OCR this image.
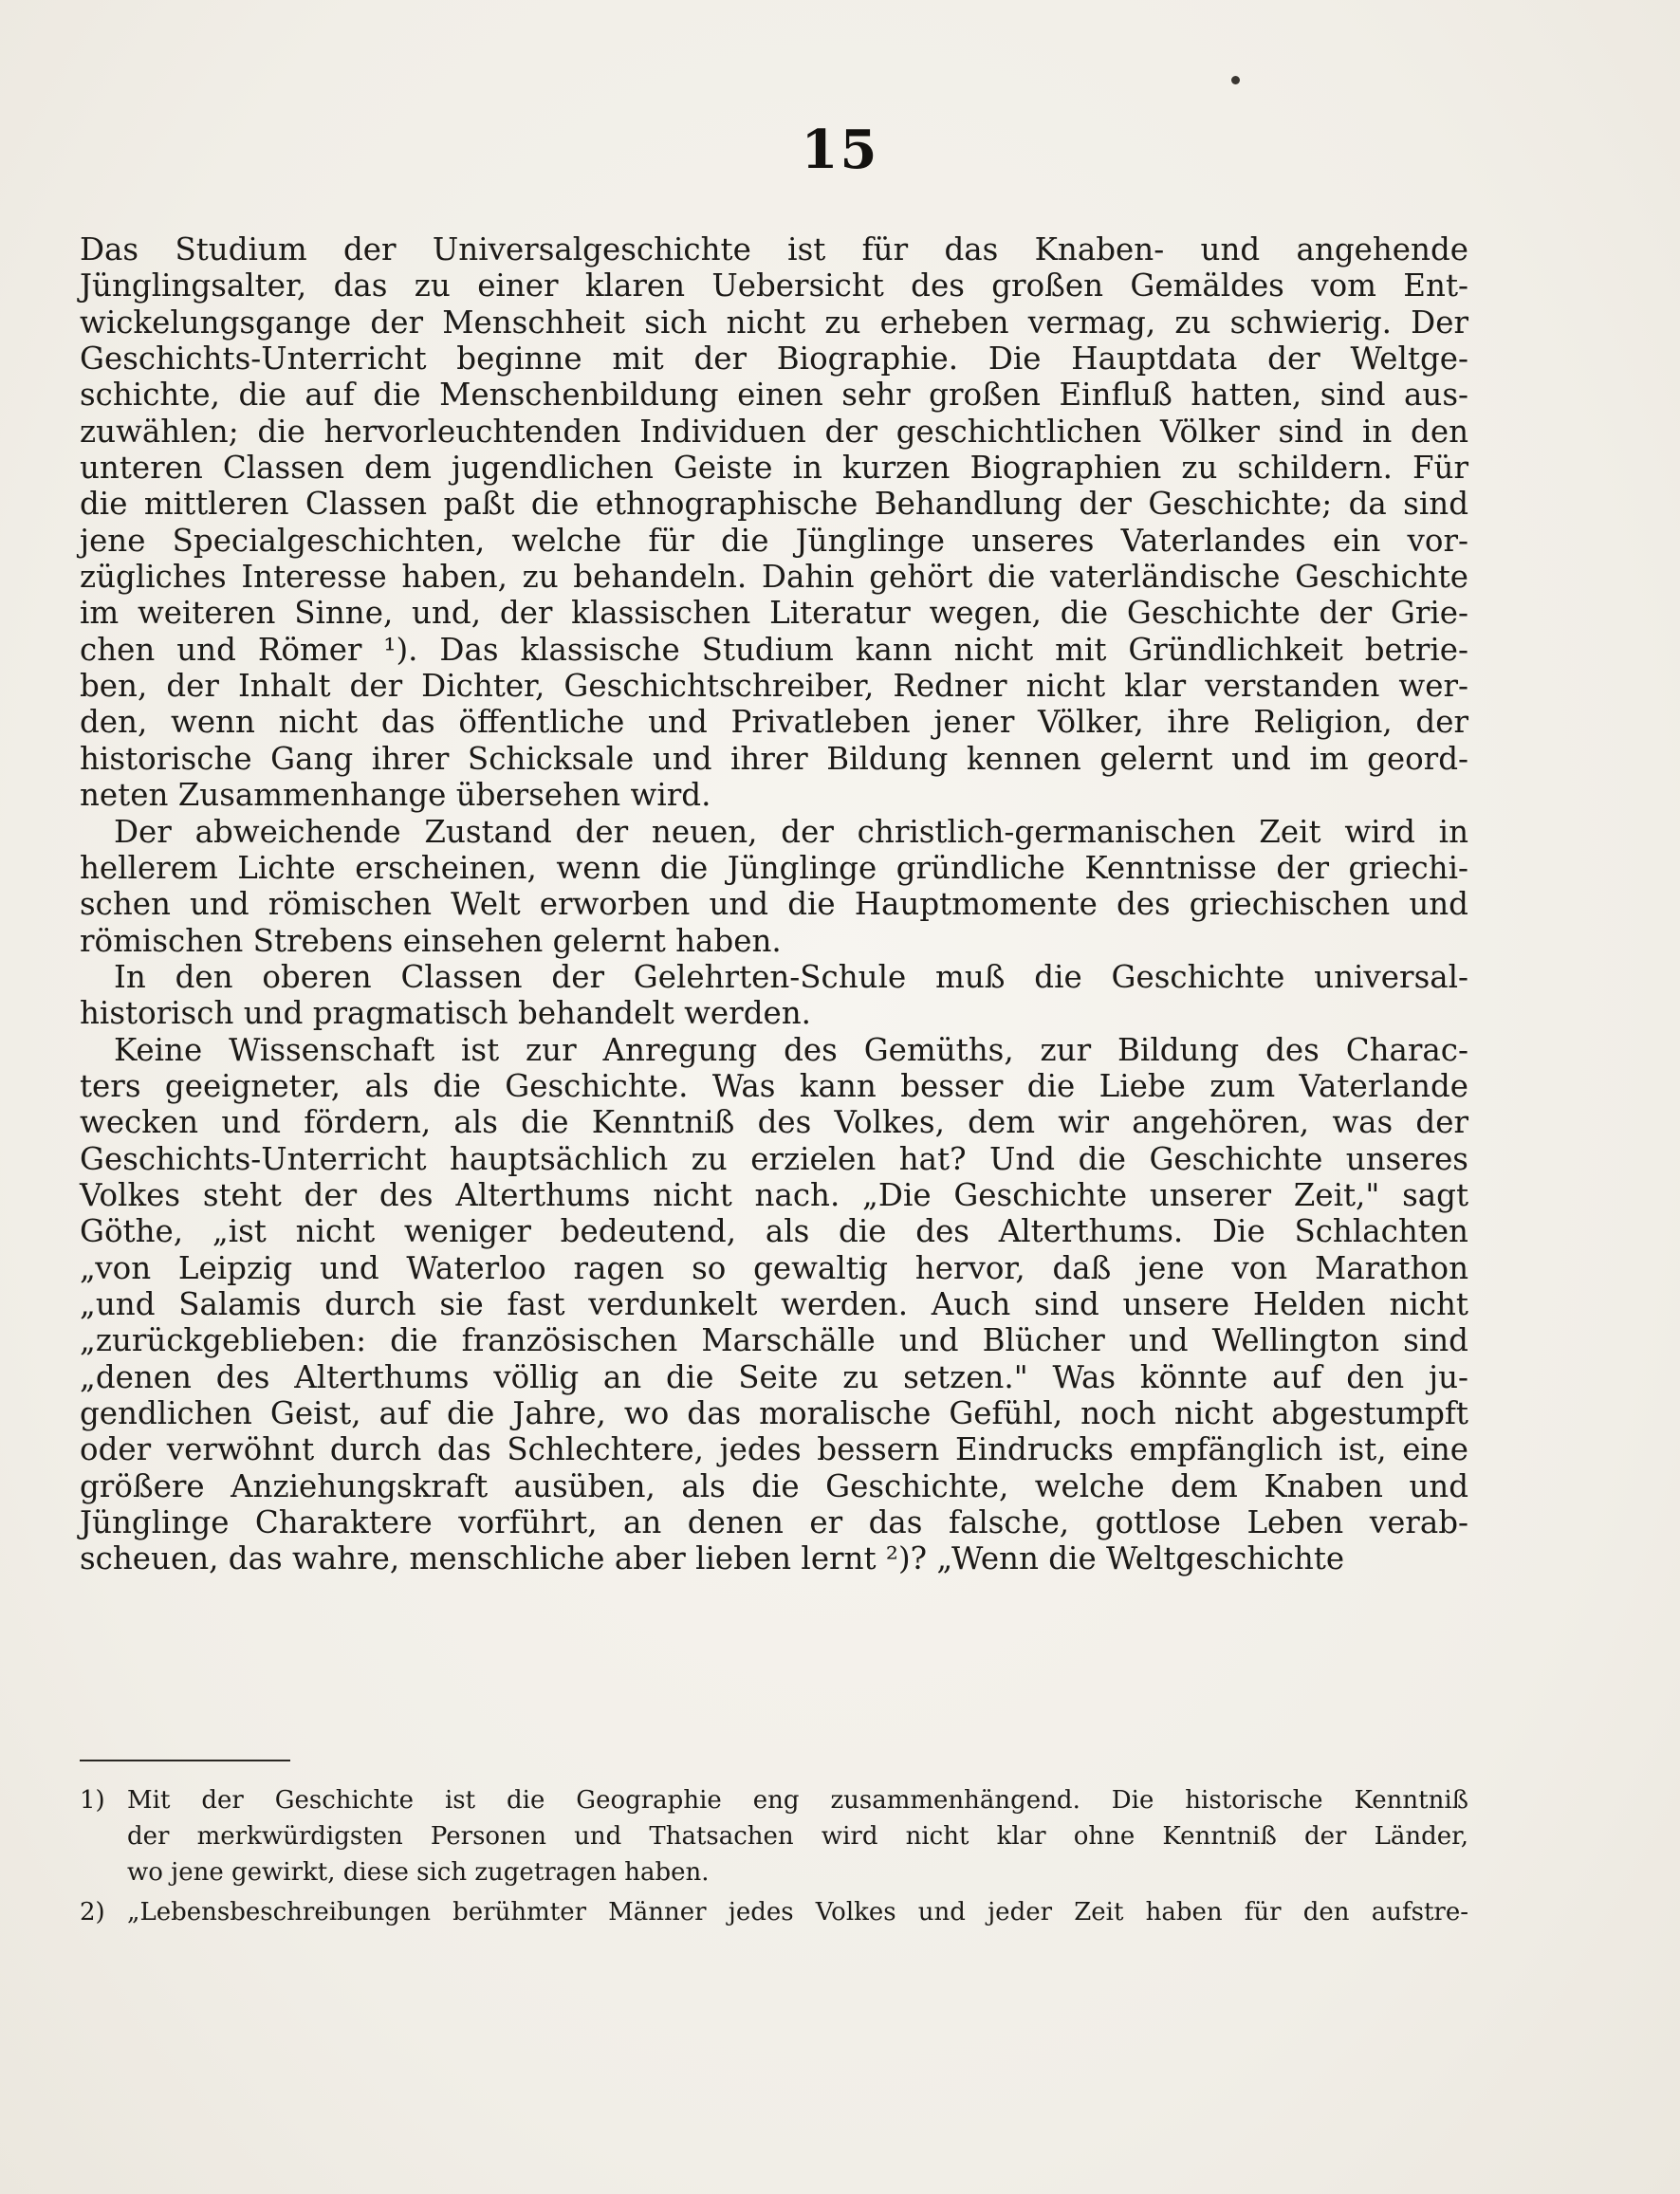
15
Das Studium der Universalgeschichte ist für das Knaben- und angehende
Jünglingsalter, das zu einer klaren Uebersicht des großen Gemäldes vom Ent-
wickelungsgange der Menschheit sich nicht zu erheben vermag, zu schwierig. Der
Geschichts-Unterricht beginne mit der Biographie. Die Hauptdata der Weltge-
schichte, die auf die Menschenbildung einen sehr großen Einfluß hatten, sind aus-
zuwählen; die hervorleuchtenden Individuen der geschichtlichen Völker sind in den
unteren Classen dem jugendlichen Geiste in kurzen Biographien zu schildern. Für
die mittleren Classen paßt die ethnographische Behandlung der Geschichte; da sind
jene Specialgeschichten, welche für die Jünglinge unseres Vaterlandes ein vor-
zügliches Interesse haben, zu behandeln. Dahin gehört die vaterländische Geschichte
im weiteren Sinne, und, der klassischen Literatur wegen, die Geschichte der Grie-
chen und Römer ¹). Das klassische Studium kann nicht mit Gründlichkeit betrie-
ben, der Inhalt der Dichter, Geschichtschreiber, Redner nicht klar verstanden wer-
den, wenn nicht das öffentliche und Privatleben jener Völker, ihre Religion, der
historische Gang ihrer Schicksale und ihrer Bildung kennen gelernt und im geord-
neten Zusammenhange übersehen wird.
Der abweichende Zustand der neuen, der christlich-germanischen Zeit wird in
hellerem Lichte erscheinen, wenn die Jünglinge gründliche Kenntnisse der griechi-
schen und römischen Welt erworben und die Hauptmomente des griechischen und
römischen Strebens einsehen gelernt haben.
In den oberen Classen der Gelehrten-Schule muß die Geschichte universal-
historisch und pragmatisch behandelt werden.
Keine Wissenschaft ist zur Anregung des Gemüths, zur Bildung des Charac-
ters geeigneter, als die Geschichte. Was kann besser die Liebe zum Vaterlande
wecken und fördern, als die Kenntniß des Volkes, dem wir angehören, was der
Geschichts-Unterricht hauptsächlich zu erzielen hat? Und die Geschichte unseres
Volkes steht der des Alterthums nicht nach. „Die Geschichte unserer Zeit," sagt
Göthe, „ist nicht weniger bedeutend, als die des Alterthums. Die Schlachten
„von Leipzig und Waterloo ragen so gewaltig hervor, daß jene von Marathon
„und Salamis durch sie fast verdunkelt werden. Auch sind unsere Helden nicht
„zurückgeblieben: die französischen Marschälle und Blücher und Wellington sind
„denen des Alterthums völlig an die Seite zu setzen." Was könnte auf den ju-
gendlichen Geist, auf die Jahre, wo das moralische Gefühl, noch nicht abgestumpft
oder verwöhnt durch das Schlechtere, jedes bessern Eindrucks empfänglich ist, eine
größere Anziehungskraft ausüben, als die Geschichte, welche dem Knaben und
Jünglinge Charaktere vorführt, an denen er das falsche, gottlose Leben verab-
scheuen, das wahre, menschliche aber lieben lernt ²)? „Wenn die Weltgeschichte
1) Mit der Geschichte ist die Geographie eng zusammenhängend. Die historische Kenntniß
der merkwürdigsten Personen und Thatsachen wird nicht klar ohne Kenntniß der Länder,
wo jene gewirkt, diese sich zugetragen haben.
2) „Lebensbeschreibungen berühmter Männer jedes Volkes und jeder Zeit haben für den aufstre-
